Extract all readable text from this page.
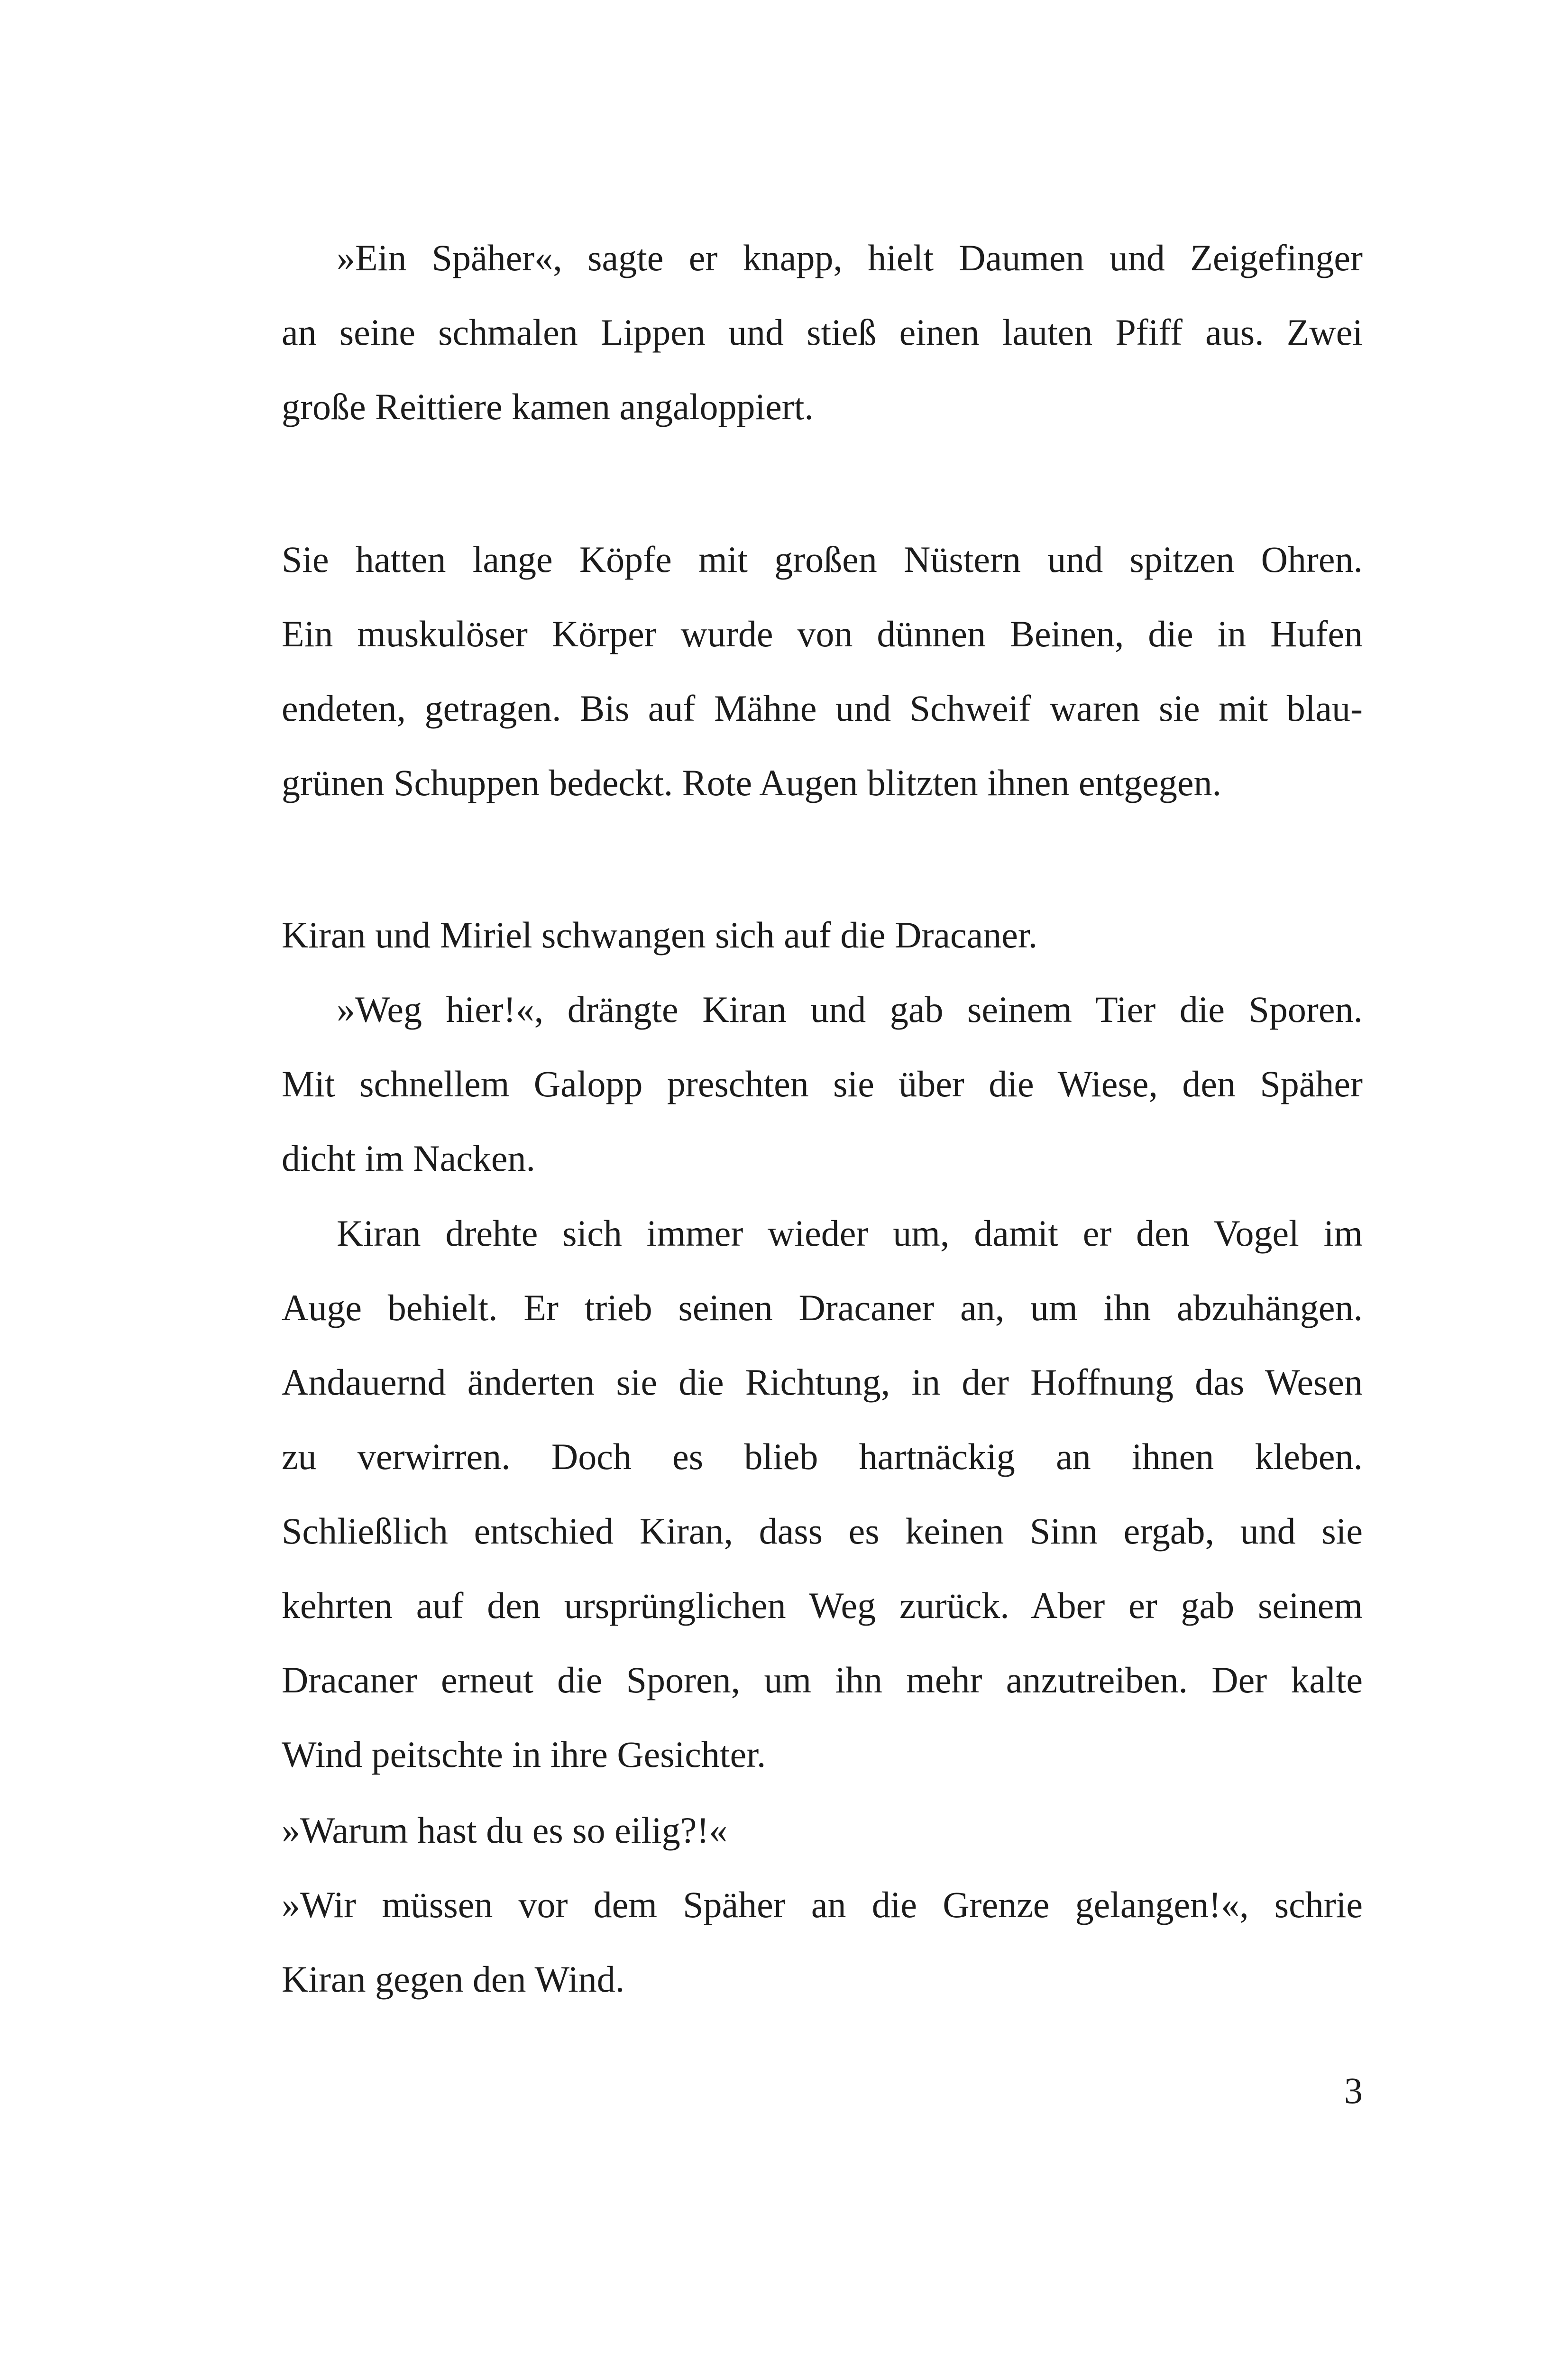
»Ein Späher«, sagte er knapp, hielt Daumen und Zeigefinger
an seine schmalen Lippen und stieß einen lauten Pfiff aus. Zwei
große Reittiere kamen angaloppiert.
Sie hatten lange Köpfe mit großen Nüstern und spitzen Ohren.
Ein muskulöser Körper wurde von dünnen Beinen, die in Hufen
endeten, getragen. Bis auf Mähne und Schweif waren sie mit blau-
grünen Schuppen bedeckt. Rote Augen blitzten ihnen entgegen.
Kiran und Miriel schwangen sich auf die Dracaner.
»Weg hier!«, drängte Kiran und gab seinem Tier die Sporen.
Mit schnellem Galopp preschten sie über die Wiese, den Späher
dicht im Nacken.
Kiran drehte sich immer wieder um, damit er den Vogel im
Auge behielt. Er trieb seinen Dracaner an, um ihn abzuhängen.
Andauernd änderten sie die Richtung, in der Hoffnung das Wesen
zu verwirren. Doch es blieb hartnäckig an ihnen kleben.
Schließlich entschied Kiran, dass es keinen Sinn ergab, und sie
kehrten auf den ursprünglichen Weg zurück. Aber er gab seinem
Dracaner erneut die Sporen, um ihn mehr anzutreiben. Der kalte
Wind peitschte in ihre Gesichter.
»Warum hast du es so eilig?!«
»Wir müssen vor dem Späher an die Grenze gelangen!«, schrie
Kiran gegen den Wind.
3
